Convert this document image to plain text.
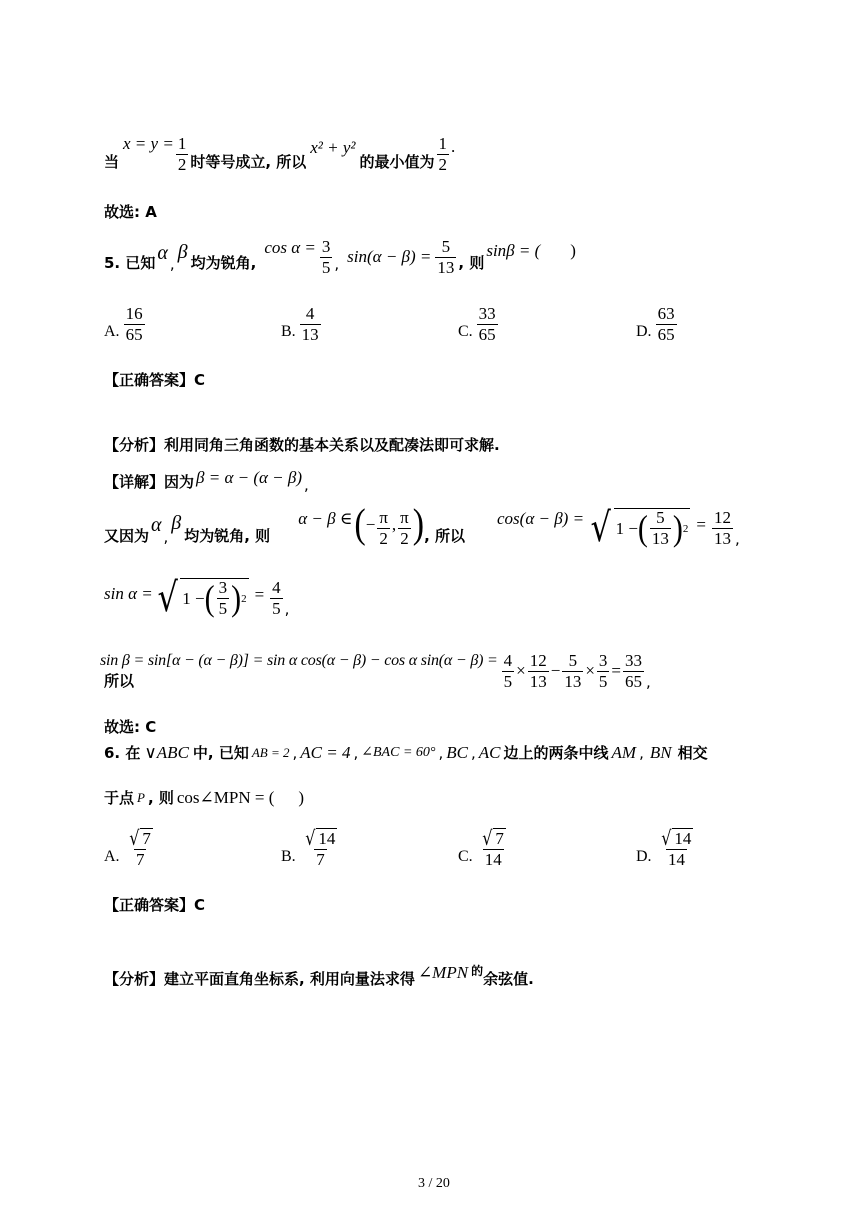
当
$x = y = \frac{1}{2}$ 时等号成立, 所以
x² + y²
的最小值为
1
2
.
故选: A
5. 已知 α ,
β 均为锐角,
$\cos \alpha = \frac{3}{5}$ , $\sin(\alpha - \beta) = \frac{5}{13}$ , 则
sinβ = ( )
A.
16
65	B.
4
13	C.
33
65	D.
63
65
【正确答案】C
【分析】利用同角三角函数的基本关系以及配凑法即可求解.
【详解】因为 β = α − (α − β) ,
又因为
α
,
β
均为锐角, 则
α − β ∈ ( − $\frac{\pi}{2}$ , π
2 ) , 所以
cos(α − β) = √ 1 − ( 5
13 ) $2 = \frac{12}{13}$ ,
sin α = √ 1 − ( 3
5 ) $2 = \frac{4}{5}$ ,
所以
sin β = sin[α − (α − β)] = sin α cos(α − β) − cos α $\sin(\alpha - \beta) = \frac{4}{5} \times \frac{12}{13} - \frac{5}{13} \times \frac{3}{5} = \frac{33}{65}$ ,
故选: C
6. 在 ∨ABC 中, 已知 AB = 2 , AC = 4 , ∠BAC = 60° , BC , AC 边上的两条中线 AM , BN 相交
于点 P , 则 cos∠MPN = ( )
A.
√ 7
7	B.
√ 14
7	C.
√ 7
14	D.
√ 14
14
【正确答案】C
【分析】建立平面直角坐标系, 利用向量法求得 ∠MPN 的 余弦值.
3 / 20
